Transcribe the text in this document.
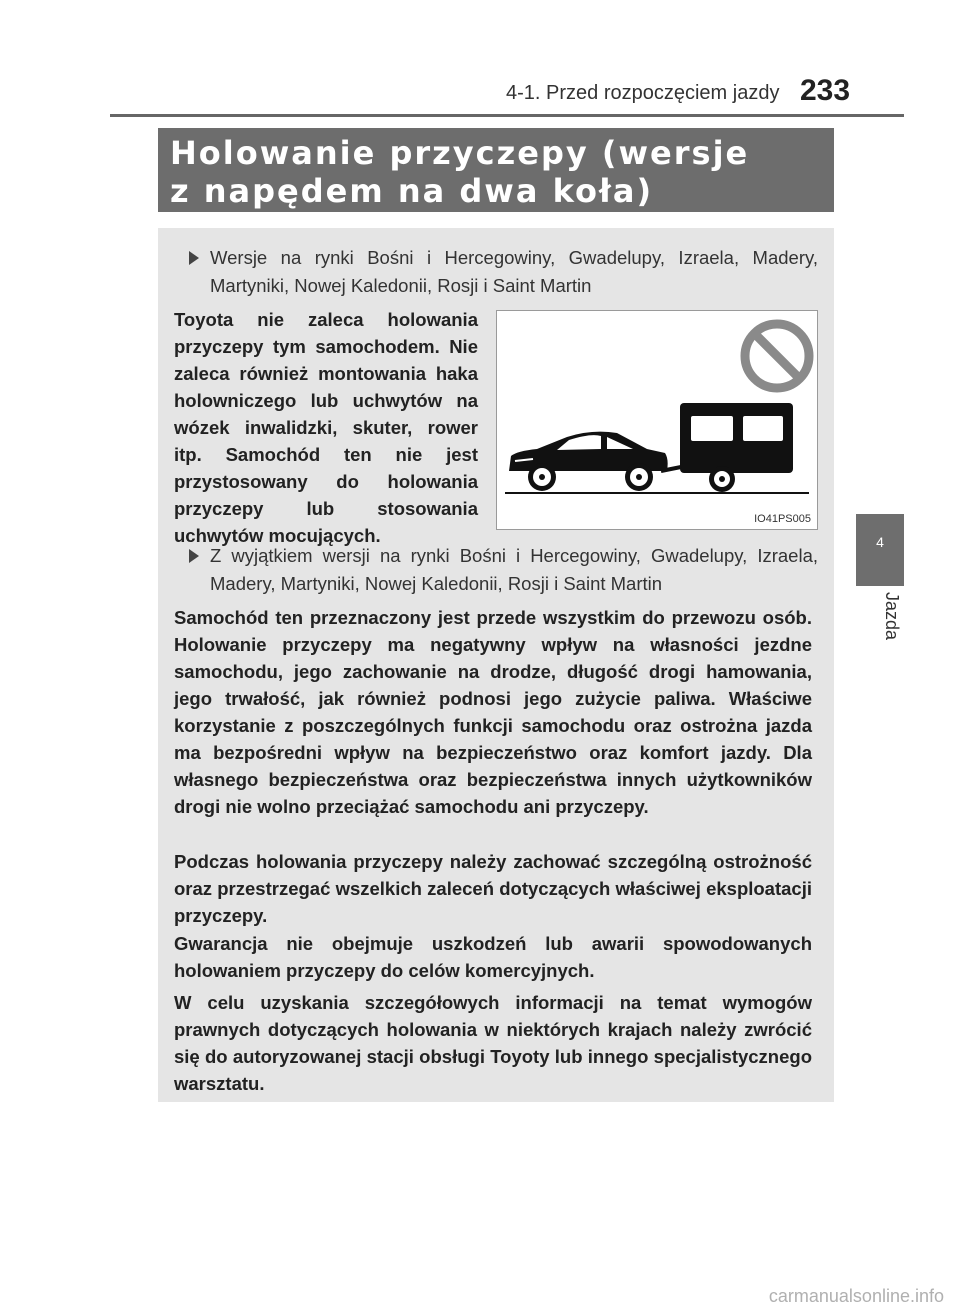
4-1. Przed rozpoczęciem jazdy 233
4
Jazda
Holowanie przyczepy (wersje
z napędem na dwa koła)
Wersje na rynki Bośni i Hercegowiny, Gwadelupy, Izraela, Madery, Martyniki, Nowej Kaledonii, Rosji i Saint Martin
Toyota nie zaleca holowania przyczepy tym samochodem. Nie zaleca również montowania haka holowniczego lub uchwytów na wózek inwalidzki, skuter, rower itp. Samochód ten nie jest przystosowany do holowania przyczepy lub stosowania uchwytów mocujących.
IO41PS005
Z wyjątkiem wersji na rynki Bośni i Hercegowiny, Gwadelupy, Izraela, Madery, Martyniki, Nowej Kaledonii, Rosji i Saint Martin
Samochód ten przeznaczony jest przede wszystkim do przewozu osób. Holowanie przyczepy ma negatywny wpływ na własności jezdne samochodu, jego zachowanie na drodze, długość drogi hamowania, jego trwałość, jak również podnosi jego zużycie paliwa. Właściwe korzystanie z poszczególnych funkcji samochodu oraz ostrożna jazda ma bezpośredni wpływ na bezpieczeństwo oraz komfort jazdy. Dla własnego bezpieczeństwa oraz bezpieczeństwa innych użytkowników drogi nie wolno przeciążać samochodu ani przyczepy.
Podczas holowania przyczepy należy zachować szczególną ostrożność oraz przestrzegać wszelkich zaleceń dotyczących właściwej eksploatacji przyczepy.
Gwarancja nie obejmuje uszkodzeń lub awarii spowodowanych holowaniem przyczepy do celów komercyjnych.
W celu uzyskania szczegółowych informacji na temat wymogów prawnych dotyczących holowania w niektórych krajach należy zwrócić się do autoryzowanej stacji obsługi Toyoty lub innego specjalistycznego warsztatu.
carmanualsonline.info
